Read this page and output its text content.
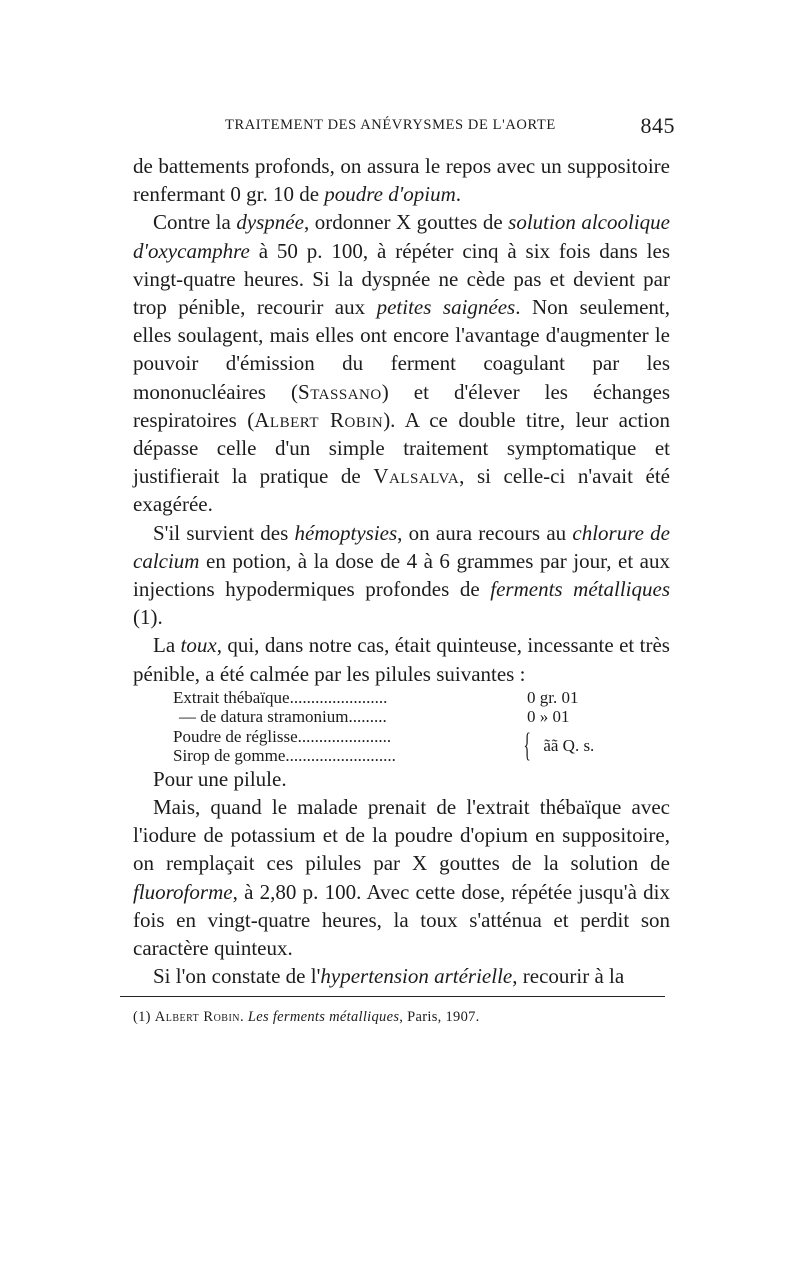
TRAITEMENT DES ANÉVRYSMES DE L'AORTE	845

de battements profonds, on assura le repos avec un suppositoire renfermant 0 gr. 10 de poudre d'opium.

Contre la dyspnée, ordonner X gouttes de solution alcoolique d'oxycamphre à 50 p. 100, à répéter cinq à six fois dans les vingt-quatre heures. Si la dyspnée ne cède pas et devient par trop pénible, recourir aux petites saignées. Non seulement, elles soulagent, mais elles ont encore l'avantage d'augmenter le pouvoir d'émission du ferment coagulant par les mononucléaires (Stassano) et d'élever les échanges respiratoires (Albert Robin). A ce double titre, leur action dépasse celle d'un simple traitement symptomatique et justifierait la pratique de Valsalva, si celle-ci n'avait été exagérée.

S'il survient des hémoptysies, on aura recours au chlorure de calcium en potion, à la dose de 4 à 6 grammes par jour, et aux injections hypodermiques profondes de ferments métalliques (1).

La toux, qui, dans notre cas, était quinteuse, incessante et très pénible, a été calmée par les pilules suivantes :

Extrait thébaïque.......................	0 gr. 01
— de datura stramonium.........	0 » 01
Poudre de réglisse......................
Sirop de gomme..........................	{ ãã Q. s.

Pour une pilule.

Mais, quand le malade prenait de l'extrait thébaïque avec l'iodure de potassium et de la poudre d'opium en suppositoire, on remplaçait ces pilules par X gouttes de la solution de fluoroforme, à 2,80 p. 100. Avec cette dose, répétée jusqu'à dix fois en vingt-quatre heures, la toux s'atténua et perdit son caractère quinteux.

Si l'on constate de l'hypertension artérielle, recourir à la

(1) Albert Robin. Les ferments métalliques, Paris, 1907.
